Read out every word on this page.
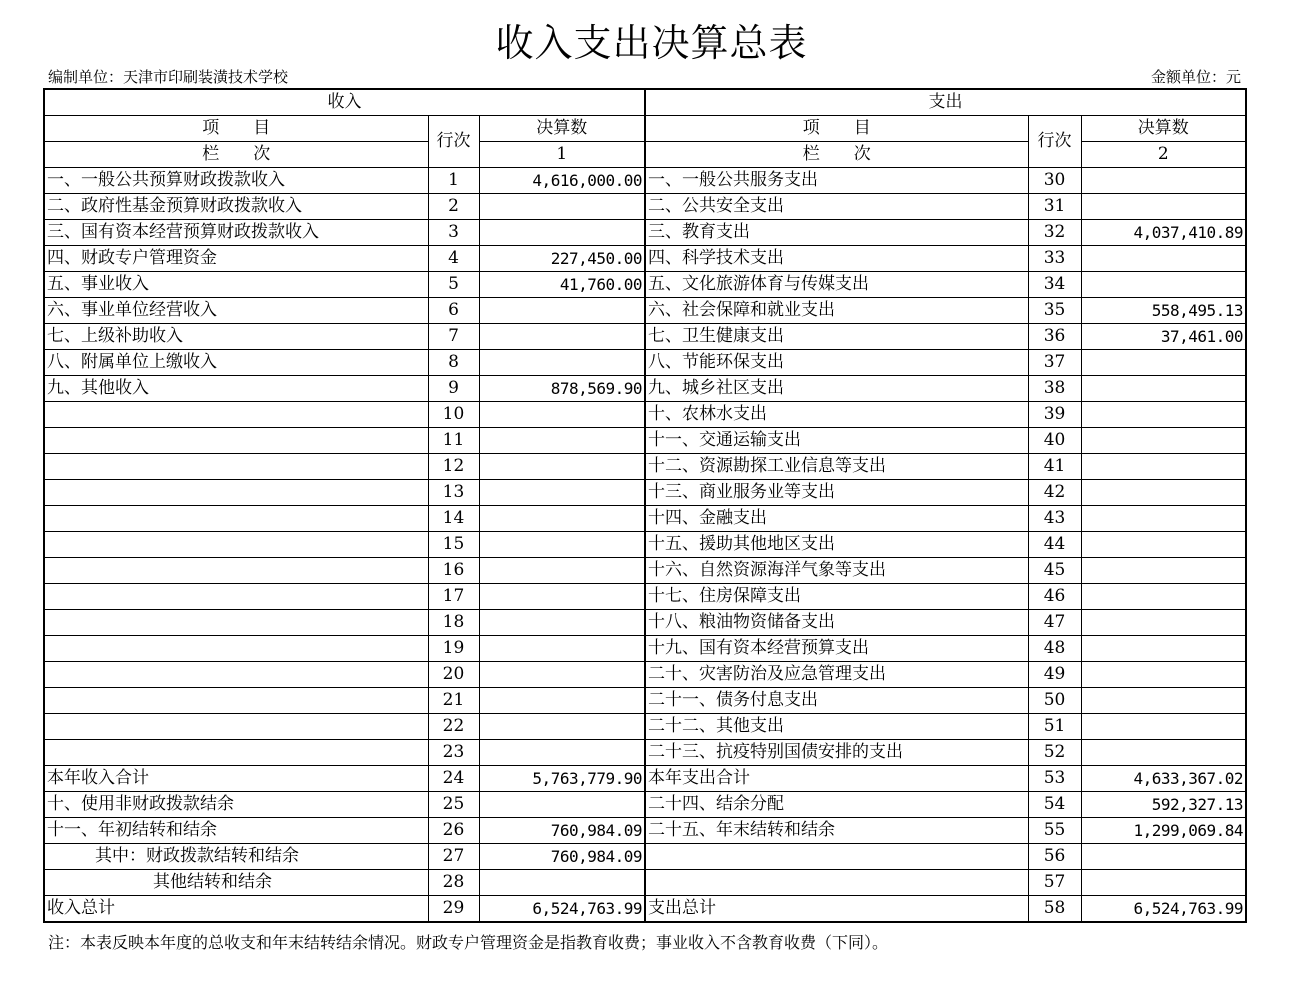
收入支出决算总表
编制单位：天津市印刷装潢技术学校	金额单位：元
收入			支出		
项　　目	行次	决算数	项　　目	行次	决算数
栏　　次		1	栏　　次		2
一、一般公共预算财政拨款收入	1	4,616,000.00	一、一般公共服务支出	30	
二、政府性基金预算财政拨款收入	2		二、公共安全支出	31	
三、国有资本经营预算财政拨款收入	3		三、教育支出	32	4,037,410.89
四、财政专户管理资金	4	227,450.00	四、科学技术支出	33	
五、事业收入	5	41,760.00	五、文化旅游体育与传媒支出	34	
六、事业单位经营收入	6		六、社会保障和就业支出	35	558,495.13
七、上级补助收入	7		七、卫生健康支出	36	37,461.00
八、附属单位上缴收入	8		八、节能环保支出	37	
九、其他收入	9	878,569.90	九、城乡社区支出	38	
	10		十、农林水支出	39	
	11		十一、交通运输支出	40	
	12		十二、资源勘探工业信息等支出	41	
	13		十三、商业服务业等支出	42	
	14		十四、金融支出	43	
	15		十五、援助其他地区支出	44	
	16		十六、自然资源海洋气象等支出	45	
	17		十七、住房保障支出	46	
	18		十八、粮油物资储备支出	47	
	19		十九、国有资本经营预算支出	48	
	20		二十、灾害防治及应急管理支出	49	
	21		二十一、债务付息支出	50	
	22		二十二、其他支出	51	
	23		二十三、抗疫特别国债安排的支出	52	
本年收入合计	24	5,763,779.90	本年支出合计	53	4,633,367.02
十、使用非财政拨款结余	25		二十四、结余分配	54	592,327.13
十一、年初结转和结余	26	760,984.09	二十五、年末结转和结余	55	1,299,069.84
其中：财政拨款结转和结余	27	760,984.09		56	
其他结转和结余	28			57	
收入总计	29	6,524,763.99	支出总计	58	6,524,763.99
注：本表反映本年度的总收支和年末结转结余情况。财政专户管理资金是指教育收费；事业收入不含教育收费（下同）。
